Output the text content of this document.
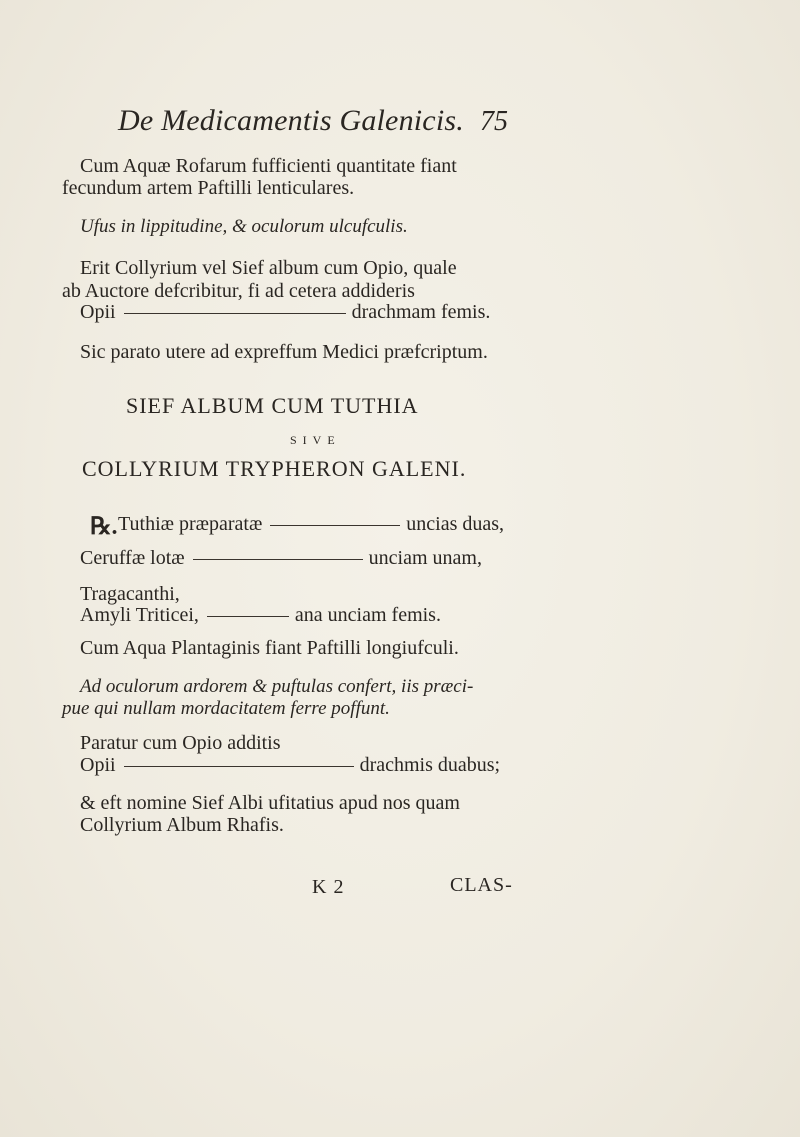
De Medicamentis Galenicis. 75
Cum Aquæ Rofarum fufficienti quantitate fiant
fecundum artem Paftilli lenticulares.
Ufus in lippitudine, & oculorum ulcufculis.
Erit Collyrium vel Sief album cum Opio, quale
ab Auctore defcribitur, fi ad cetera addideris
Opii	drachmam femis.
Sic parato utere ad expreffum Medici præfcriptum.
SIEF ALBUM CUM TUTHIA
SIVE
COLLYRIUM TRYPHERON GALENI.
℞. Tuthiæ præparatæ	uncias duas,
Ceruffæ lotæ	unciam unam,
Tragacanthi,
Amyli Triticei,	ana unciam femis.
Cum Aqua Plantaginis fiant Paftilli longiufculi.
Ad oculorum ardorem & puftulas confert, iis præci-
pue qui nullam mordacitatem ferre poffunt.
Paratur cum Opio additis
Opii	drachmis duabus;
& eft nomine Sief Albi ufitatius apud nos quam
Collyrium Album Rhafis.
K 2	CLAS-
